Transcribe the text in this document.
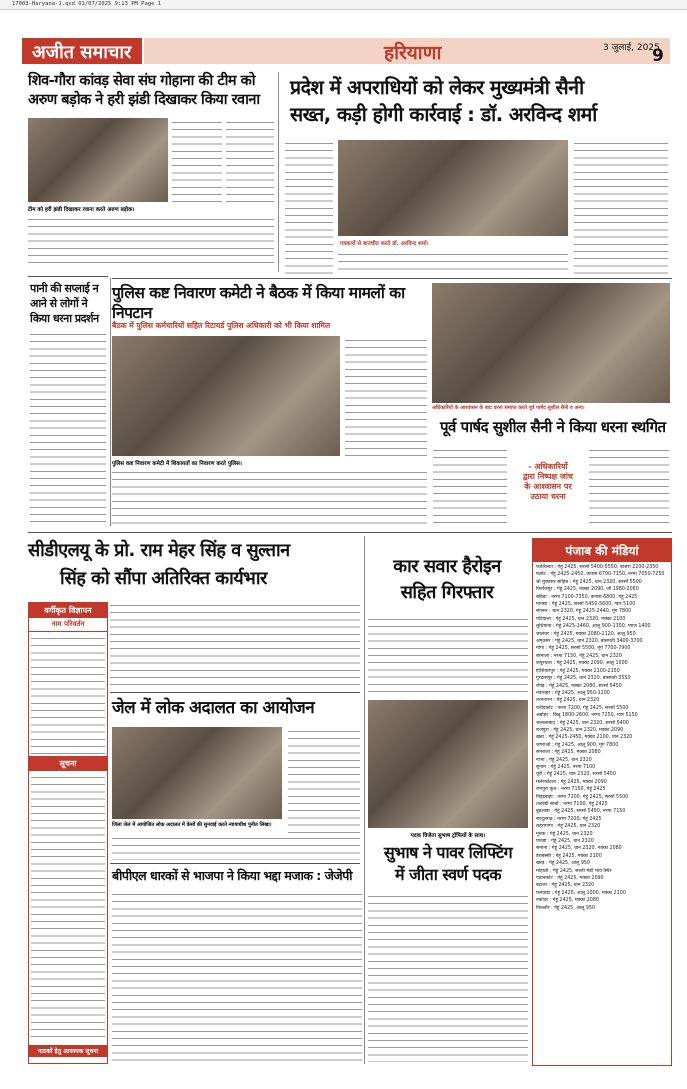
17003-Haryana-1.qxd 01/07/2025 9:13 PM Page 1
अजीत समाचार	हरियाणा	3 जुलाई, 2025
9
शिव-गौरा कांवड़ सेवा संघ गोहाना की टीम को अरुण बड़ोक ने हरी झंडी दिखाकर किया रवाना
टीम को हरी झंडी दिखाकर रवाना करते अरुण बड़ोक।
पानी की सप्लाई न आने से लोगों ने किया धरना प्रदर्शन
प्रदेश में अपराधियों को लेकर मुख्यमंत्री सैनी
सख्त, कड़ी होगी कार्रवाई : डॉ. अरविन्द शर्मा
पत्रकारों से बातचीत करते डॉ. अरविन्द शर्मा।
पुलिस कष्ट निवारण कमेटी ने बैठक में किया मामलों का निपटान
बैठक में पुलिस कर्मचारियों सहित रिटायर्ड पुलिस अधिकारी को भी किया शामिल
पुलिस कष्ट निवारण कमेटी में शिकायतों का निवारण करते पुलिस।
अधिकारियों के आश्वासन के बाद धरना समाप्त करते पूर्व पार्षद सुशील सैनी व अन्य।
पूर्व पार्षद सुशील सैनी ने किया धरना स्थगित
- अधिकारियों
द्वारा निष्पक्ष जांच
के आश्वासन पर
उठाया धरना
सीडीएलयू के प्रो. राम मेहर सिंह व सुल्तान
सिंह को सौंपा अतिरिक्त कार्यभार
वर्गीकृत विज्ञापन
नाम परिवर्तन
सूचना
पाठकों हेतु आवश्यक सूचना
जेल में लोक अदालत का आयोजन
जिला जेल में आयोजित लोक अदालत में केसों की सुनवाई करते न्यायाधीश पुनीत लिखा।
बीपीएल धारकों से भाजपा ने किया भद्दा मजाक : जेजेपी
कार सवार हैरोइन
सहित गिरफ्तार
पदक विजेता सुभाष ट्रॉफियों के साथ।
सुभाष ने पावर लिफ्टिंग
में जीता स्वर्ण पदक
पंजाब की मंडियां
फाजिल्का : गेहूं 2425, सरसों 5400-5550, बाजरा 2200-2350
मलोट : गेहूं 2425-2450, कपास 6700-7150, नरमा 7050-7250
श्री मुक्तसर साहिब : गेहूं 2425, धान 2320, सरसों 5500
फिरोजपुर : गेहूं 2425, मक्का 2090, जौं 1980-2050
बठिंडा : नरमा 7100-7350, कपास 6800, गेहूं 2425
मानसा : गेहूं 2425, सरसों 5450-5600, ग्वार 5100
संगरूर : धान 2320, गेहूं 2425-2440, मूंग 7800
पटियाला : गेहूं 2425, धान 2320, मक्का 2100
लुधियाना : गेहूं 2425-2460, आलू 900-1300, प्याज 1400
जालंधर : गेहूं 2425, मक्का 2080-2120, आलू 950
अमृतसर : गेहूं 2425, धान 2320, बासमती 3400-3700
मोगा : गेहूं 2425, सरसों 5500, मूंग 7700-7900
बरनाला : नरमा 7150, गेहूं 2425, धान 2320
कपूरथला : गेहूं 2425, मक्का 2090, आलू 1000
होशियारपुर : गेहूं 2425, मक्का 2100-2150
गुरदासपुर : गेहूं 2425, धान 2320, बासमती 3550
रोपड़ : गेहूं 2425, मक्का 2080, सरसों 5450
नवांशहर : गेहूं 2425, आलू 950-1200
तरनतारन : गेहूं 2425, धान 2320
फरीदकोट : नरमा 7200, गेहूं 2425, सरसों 5500
अबोहर : किन्नू 1800-2600, नरमा 7250, ग्वार 5150
जलालाबाद : गेहूं 2425, धान 2320, सरसों 5400
राजपुरा : गेहूं 2425, धान 2320, मक्का 2090
खन्ना : गेहूं 2425-2450, मक्का 2100, धान 2320
जगराओं : गेहूं 2425, आलू 900, मूंग 7800
समराला : गेहूं 2425, मक्का 2080
नाभा : गेहूं 2425, धान 2320
सुनाम : गेहूं 2425, नरमा 7100
धूरी : गेहूं 2425, धान 2320, सरसों 5450
मलेरकोटला : गेहूं 2425, मक्का 2090
रामपुरा फूल : नरमा 7150, गेहूं 2425
गिद्दड़बाहा : नरमा 7200, गेहूं 2425, सरसों 5500
तलवंडी साबो : नरमा 7100, गेहूं 2425
बुढलाडा : गेहूं 2425, सरसों 5450, नरमा 7150
सरदूलगढ़ : नरमा 7200, गेहूं 2425
लहरागागा : गेहूं 2425, धान 2320
मूनक : गेहूं 2425, धान 2320
पातड़ां : गेहूं 2425, धान 2320
समाना : गेहूं 2425, धान 2320, मक्का 2080
डेराबस्सी : गेहूं 2425, मक्का 2100
खरड़ : गेहूं 2425, आलू 950
मोहाली : गेहूं 2425, सब्जी मंडी भाव स्थिर
पठानकोट : गेहूं 2425, मक्का 2090
बटाला : गेहूं 2425, धान 2320
फगवाड़ा : गेहूं 2425, आलू 1000, मक्का 2100
नकोदर : गेहूं 2425, मक्का 2080
फिल्लौर : गेहूं 2425, आलू 950
